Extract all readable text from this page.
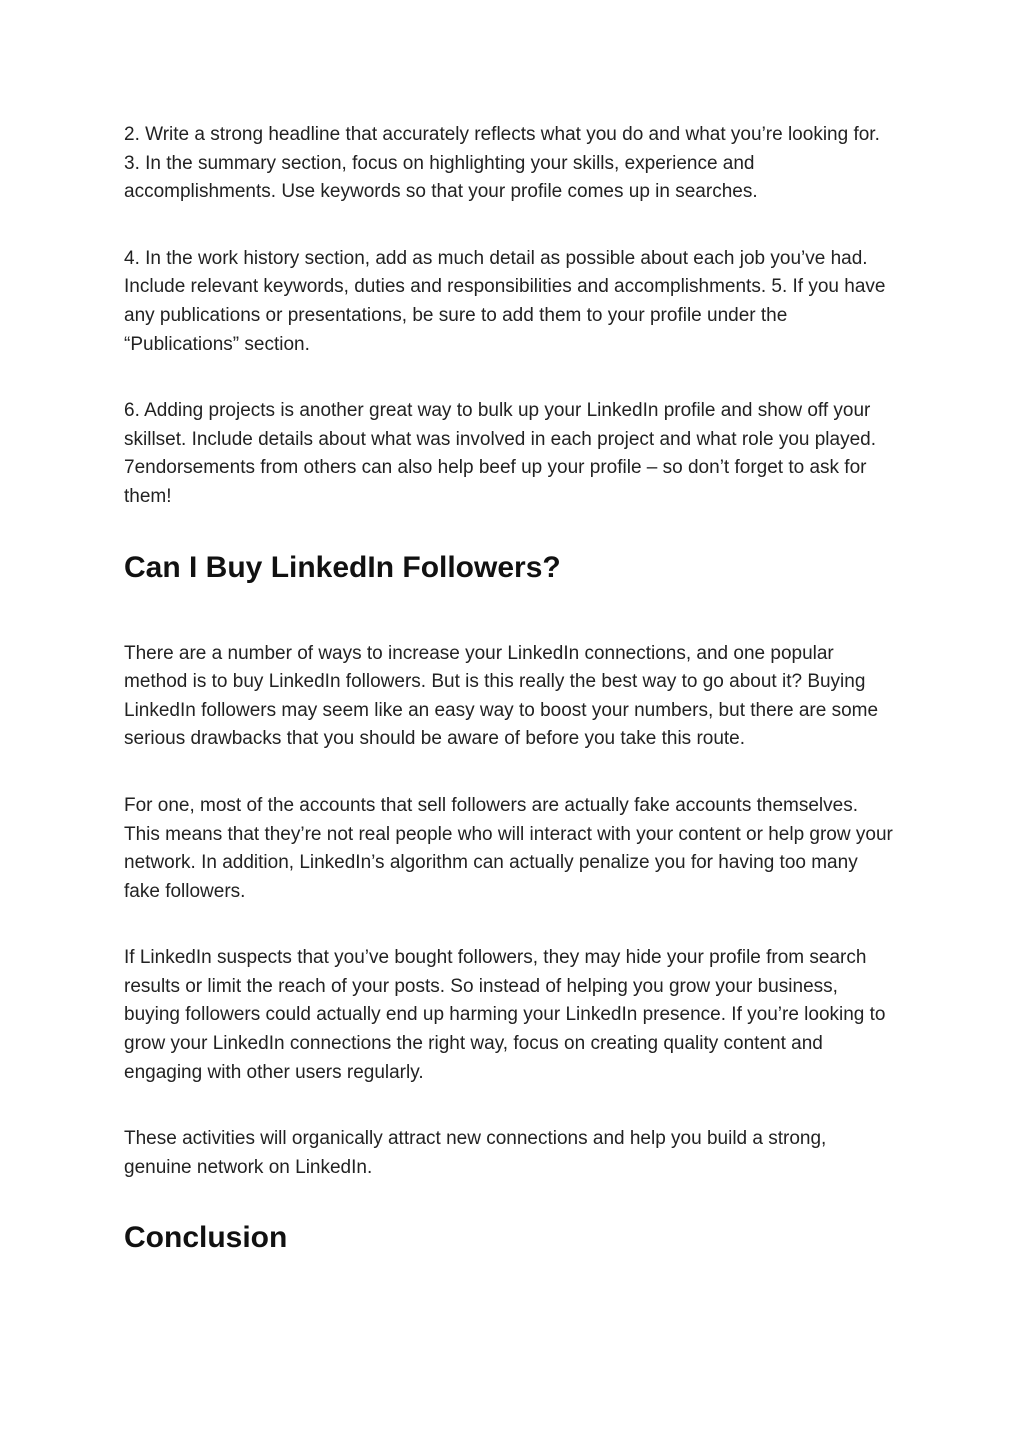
2. Write a strong headline that accurately reflects what you do and what you’re looking for. 3. In the summary section, focus on highlighting your skills, experience and accomplishments. Use keywords so that your profile comes up in searches.

4. In the work history section, add as much detail as possible about each job you’ve had. Include relevant keywords, duties and responsibilities and accomplishments. 5. If you have any publications or presentations, be sure to add them to your profile under the “Publications” section.

6. Adding projects is another great way to bulk up your LinkedIn profile and show off your skillset. Include details about what was involved in each project and what role you played. 7endorsements from others can also help beef up your profile – so don’t forget to ask for them!

Can I Buy LinkedIn Followers?

There are a number of ways to increase your LinkedIn connections, and one popular method is to buy LinkedIn followers. But is this really the best way to go about it? Buying LinkedIn followers may seem like an easy way to boost your numbers, but there are some serious drawbacks that you should be aware of before you take this route.

For one, most of the accounts that sell followers are actually fake accounts themselves. This means that they’re not real people who will interact with your content or help grow your network. In addition, LinkedIn’s algorithm can actually penalize you for having too many fake followers.

If LinkedIn suspects that you’ve bought followers, they may hide your profile from search results or limit the reach of your posts. So instead of helping you grow your business, buying followers could actually end up harming your LinkedIn presence. If you’re looking to grow your LinkedIn connections the right way, focus on creating quality content and engaging with other users regularly.

These activities will organically attract new connections and help you build a strong, genuine network on LinkedIn.

Conclusion
